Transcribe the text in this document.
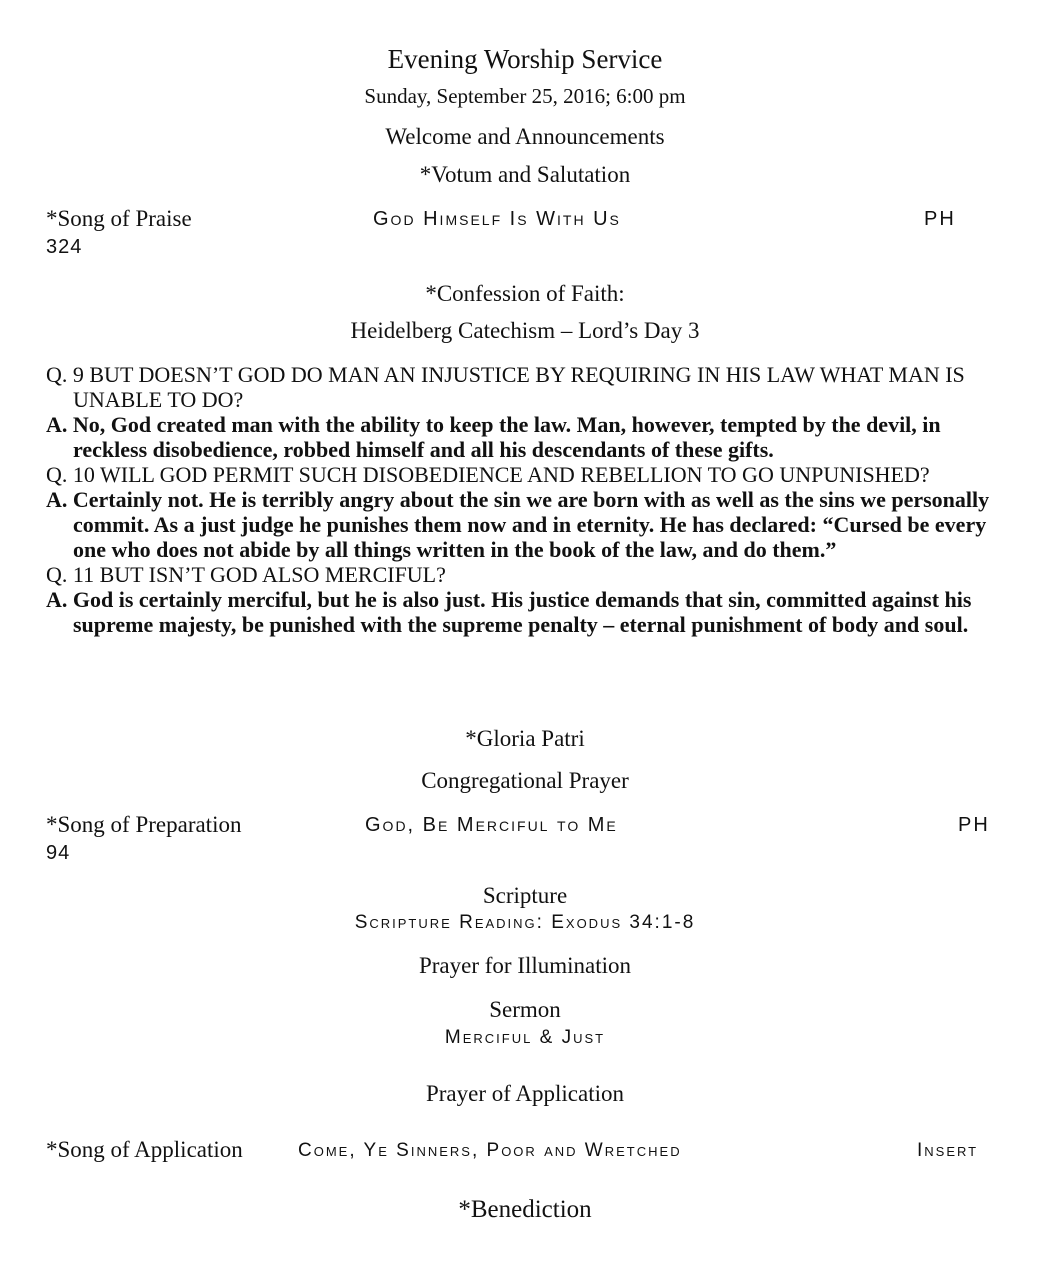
Evening Worship Service
Sunday, September 25, 2016; 6:00 pm
Welcome and Announcements
*Votum and Salutation
*Song of Praise	God Himself Is With Us	PH
324
*Confession of Faith:
Heidelberg Catechism – Lord’s Day 3

Q. 9 BUT DOESN’T GOD DO MAN AN INJUSTICE BY REQUIRING IN HIS LAW WHAT MAN IS UNABLE TO DO?

A. No, God created man with the ability to keep the law. Man, however, tempted by the devil, in reckless disobedience, robbed himself and all his descendants of these gifts.

Q. 10 WILL GOD PERMIT SUCH DISOBEDIENCE AND REBELLION TO GO UNPUNISHED?

A. Certainly not. He is terribly angry about the sin we are born with as well as the sins we personally commit. As a just judge he punishes them now and in eternity. He has declared: “Cursed be every one who does not abide by all things written in the book of the law, and do them.”

Q. 11 BUT ISN’T GOD ALSO MERCIFUL?

A. God is certainly merciful, but he is also just. His justice demands that sin, committed against his supreme majesty, be punished with the supreme penalty – eternal punishment of body and soul.

*Gloria Patri
Congregational Prayer
*Song of Preparation	God, Be Merciful to Me	PH
94
Scripture
Scripture Reading: Exodus 34:1-8
Prayer for Illumination
Sermon
Merciful & Just
Prayer of Application
*Song of Application	Come, Ye Sinners, Poor and Wretched	Insert
*Benediction
